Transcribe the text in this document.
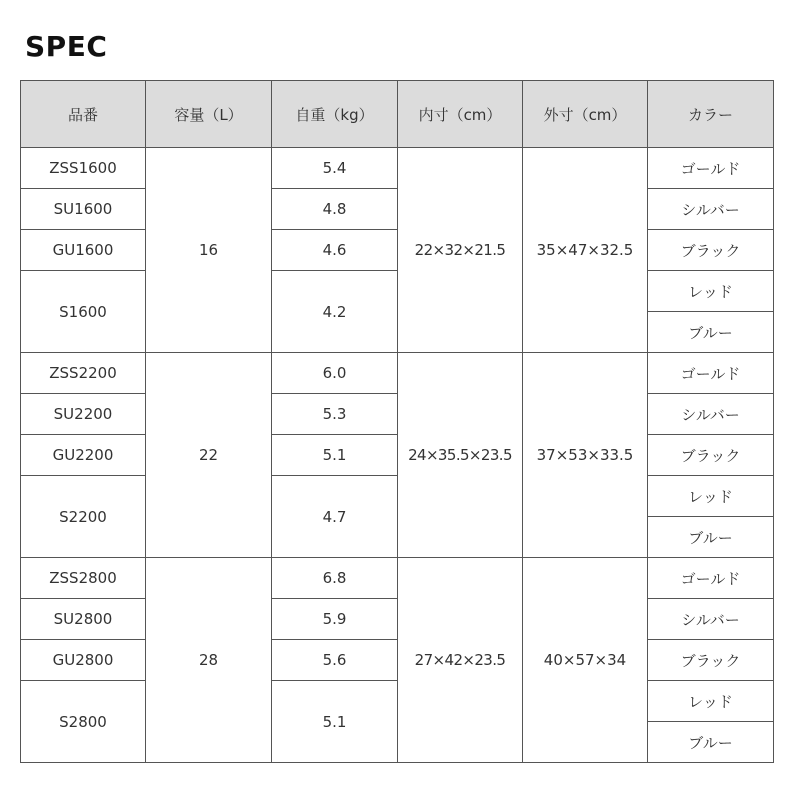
SPEC
品番	容量（L）	自重（kg）	内寸（cm）	外寸（cm）	カラー
ZSS1600	16	5.4	22×32×21.5	35×47×32.5	ゴールド
SU1600		4.8			シルバー
GU1600		4.6			ブラック
S1600		4.2			レッド
					ブルー
ZSS2200	22	6.0	24×35.5×23.5	37×53×33.5	ゴールド
SU2200		5.3			シルバー
GU2200		5.1			ブラック
S2200		4.7			レッド
					ブルー
ZSS2800	28	6.8	27×42×23.5	40×57×34	ゴールド
SU2800		5.9			シルバー
GU2800		5.6			ブラック
S2800		5.1			レッド
					ブルー
